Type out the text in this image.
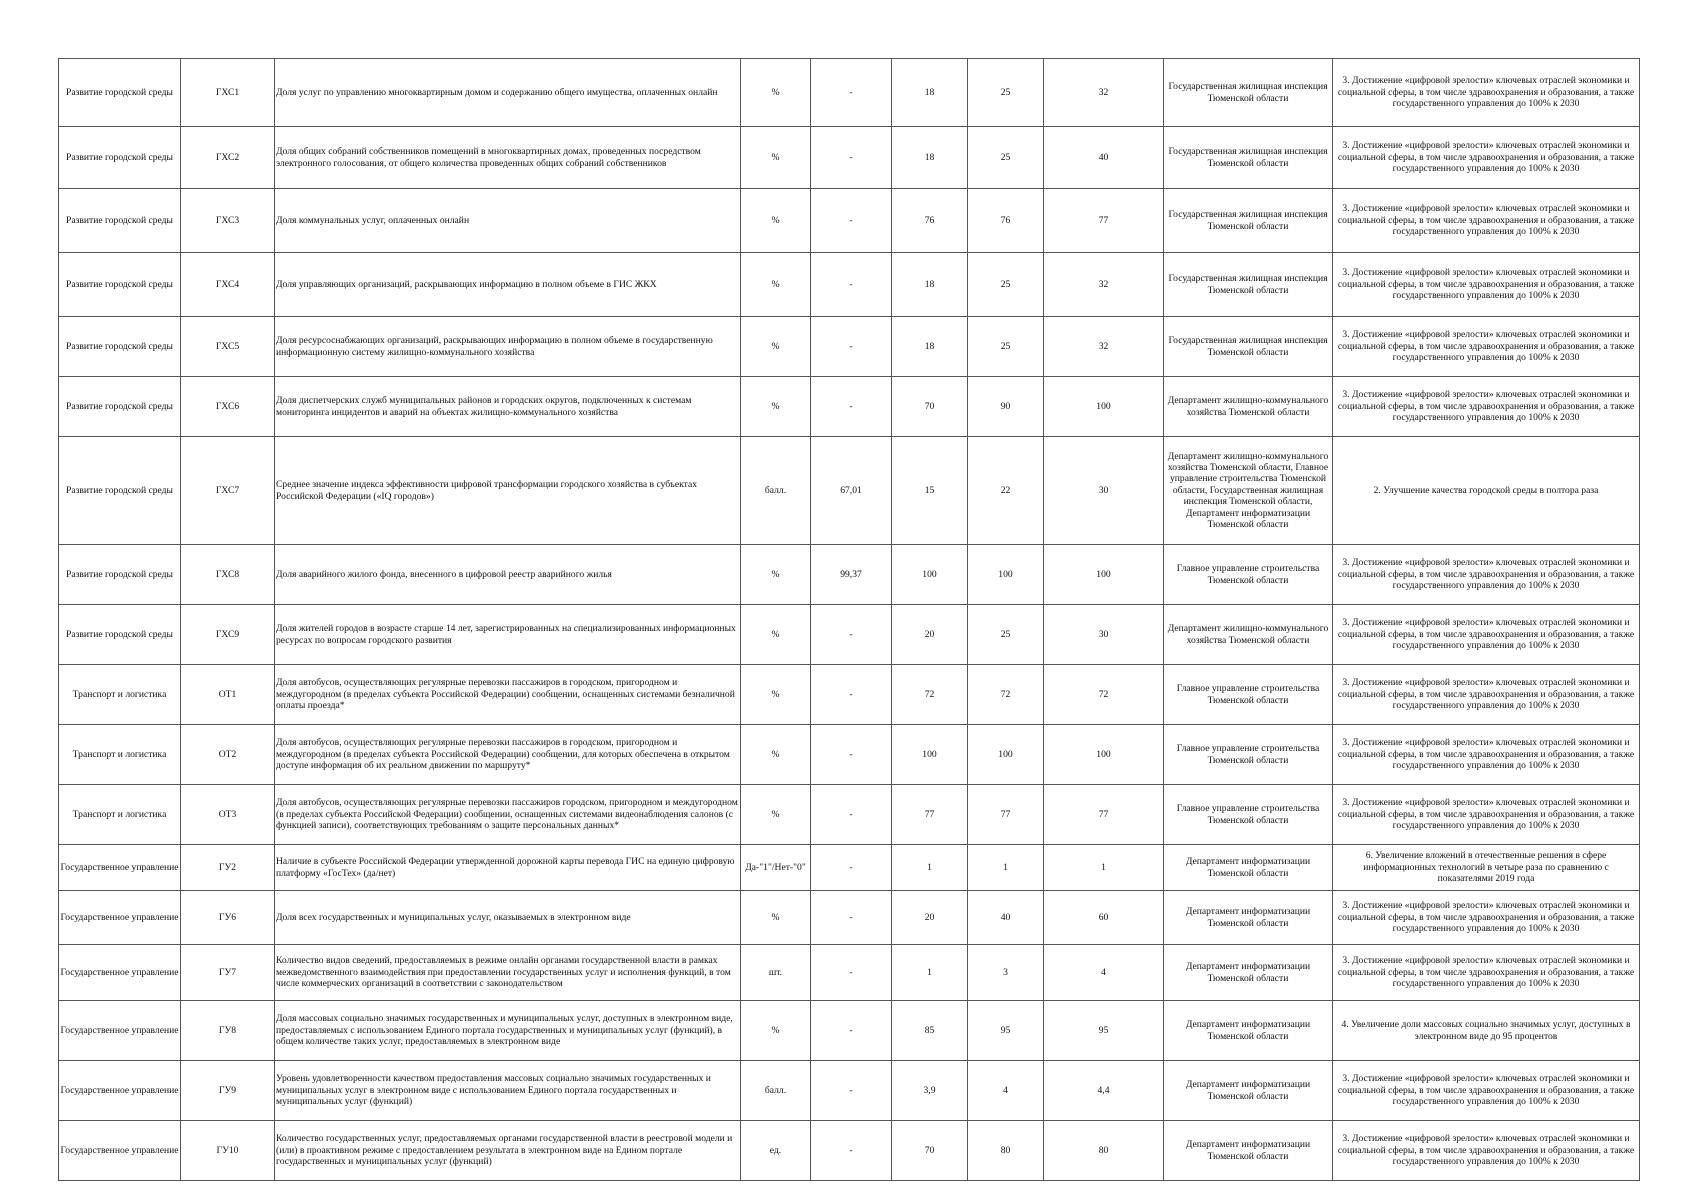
Развитие городской среды	ГХС1	Доля услуг по управлению многоквартирным домом и содержанию общего имущества, оплаченных онлайн	%	-	18	25	32	Государственная жилищная инспекция Тюменской области	3. Достижение «цифровой зрелости» ключевых отраслей экономики и социальной сферы, в том числе здравоохранения и образования, а также государственного управления до 100% к 2030
Развитие городской среды	ГХС2	Доля общих собраний собственников помещений в многоквартирных домах, проведенных посредством электронного голосования, от общего количества проведенных общих собраний собственников	%	-	18	25	40	Государственная жилищная инспекция Тюменской области	3. Достижение «цифровой зрелости» ключевых отраслей экономики и социальной сферы, в том числе здравоохранения и образования, а также государственного управления до 100% к 2030
Развитие городской среды	ГХС3	Доля коммунальных услуг, оплаченных онлайн	%	-	76	76	77	Государственная жилищная инспекция Тюменской области	3. Достижение «цифровой зрелости» ключевых отраслей экономики и социальной сферы, в том числе здравоохранения и образования, а также государственного управления до 100% к 2030
Развитие городской среды	ГХС4	Доля управляющих организаций, раскрывающих информацию в полном объеме в ГИС ЖКХ	%	-	18	25	32	Государственная жилищная инспекция Тюменской области	3. Достижение «цифровой зрелости» ключевых отраслей экономики и социальной сферы, в том числе здравоохранения и образования, а также государственного управления до 100% к 2030
Развитие городской среды	ГХС5	Доля ресурсоснабжающих организаций, раскрывающих информацию в полном объеме в государственную информационную систему жилищно-коммунального хозяйства	%	-	18	25	32	Государственная жилищная инспекция Тюменской области	3. Достижение «цифровой зрелости» ключевых отраслей экономики и социальной сферы, в том числе здравоохранения и образования, а также государственного управления до 100% к 2030
Развитие городской среды	ГХС6	Доля диспетчерских служб муниципальных районов и городских округов, подключенных к системам мониторинга инцидентов и аварий на объектах жилищно-коммунального хозяйства	%	-	70	90	100	Департамент жилищно-коммунального хозяйства Тюменской области	3. Достижение «цифровой зрелости» ключевых отраслей экономики и социальной сферы, в том числе здравоохранения и образования, а также государственного управления до 100% к 2030
Развитие городской среды	ГХС7	Среднее значение индекса эффективности цифровой трансформации городского хозяйства в субъектах Российской Федерации («IQ городов»)	балл.	67,01	15	22	30	Департамент жилищно-коммунального хозяйства Тюменской области, Главное управление строительства Тюменской области, Государственная жилищная инспекция Тюменской области, Департамент информатизации Тюменской области	2. Улучшение качества городской среды в полтора раза
Развитие городской среды	ГХС8	Доля аварийного жилого фонда, внесенного в цифровой реестр аварийного жилья	%	99,37	100	100	100	Главное управление строительства Тюменской области	3. Достижение «цифровой зрелости» ключевых отраслей экономики и социальной сферы, в том числе здравоохранения и образования, а также государственного управления до 100% к 2030
Развитие городской среды	ГХС9	Доля жителей городов в возрасте старше 14 лет, зарегистрированных на специализированных информационных ресурсах по вопросам городского развития	%	-	20	25	30	Департамент жилищно-коммунального хозяйства Тюменской области	3. Достижение «цифровой зрелости» ключевых отраслей экономики и социальной сферы, в том числе здравоохранения и образования, а также государственного управления до 100% к 2030
Транспорт и логистика	ОТ1	Доля автобусов, осуществляющих регулярные перевозки пассажиров в городском, пригородном и междугородном (в пределах субъекта Российской Федерации) сообщении, оснащенных системами безналичной оплаты проезда*	%	-	72	72	72	Главное управление строительства Тюменской области	3. Достижение «цифровой зрелости» ключевых отраслей экономики и социальной сферы, в том числе здравоохранения и образования, а также государственного управления до 100% к 2030
Транспорт и логистика	ОТ2	Доля автобусов, осуществляющих регулярные перевозки пассажиров в городском, пригородном и междугородном (в пределах субъекта Российской Федерации) сообщении, для которых обеспечена в открытом доступе информация об их реальном движении по маршруту*	%	-	100	100	100	Главное управление строительства Тюменской области	3. Достижение «цифровой зрелости» ключевых отраслей экономики и социальной сферы, в том числе здравоохранения и образования, а также государственного управления до 100% к 2030
Транспорт и логистика	ОТ3	Доля автобусов, осуществляющих регулярные перевозки пассажиров городском, пригородном и междугородном (в пределах субъекта Российской Федерации) сообщении, оснащенных системами видеонаблюдения салонов (с функцией записи), соответствующих требованиям о защите персональных данных*	%	-	77	77	77	Главное управление строительства Тюменской области	3. Достижение «цифровой зрелости» ключевых отраслей экономики и социальной сферы, в том числе здравоохранения и образования, а также государственного управления до 100% к 2030
Государственное управление	ГУ2	Наличие в субъекте Российской Федерации утвержденной дорожной карты перевода ГИС на единую цифровую платформу «ГосТех» (да/нет)	Да-"1"/Нет-"0"	-	1	1	1	Департамент информатизации Тюменской области	6. Увеличение вложений в отечественные решения в сфере информационных технологий в четыре раза по сравнению с показателями 2019 года
Государственное управление	ГУ6	Доля всех государственных и муниципальных услуг, оказываемых в электронном виде	%	-	20	40	60	Департамент информатизации Тюменской области	3. Достижение «цифровой зрелости» ключевых отраслей экономики и социальной сферы, в том числе здравоохранения и образования, а также государственного управления до 100% к 2030
Государственное управление	ГУ7	Количество видов сведений, предоставляемых в режиме онлайн органами государственной власти в рамках межведомственного взаимодействия при предоставлении государственных услуг и исполнения функций, в том числе коммерческих организаций в соответствии с законодательством	шт.	-	1	3	4	Департамент информатизации Тюменской области	3. Достижение «цифровой зрелости» ключевых отраслей экономики и социальной сферы, в том числе здравоохранения и образования, а также государственного управления до 100% к 2030
Государственное управление	ГУ8	Доля массовых социально значимых государственных и муниципальных услуг, доступных в электронном виде, предоставляемых с использованием Единого портала государственных и муниципальных услуг (функций), в общем количестве таких услуг, предоставляемых в электронном виде	%	-	85	95	95	Департамент информатизации Тюменской области	4. Увеличение доли массовых социально значимых услуг, доступных в электронном виде до 95 процентов
Государственное управление	ГУ9	Уровень удовлетворенности качеством предоставления массовых социально значимых государственных и муниципальных услуг в электронном виде с использованием Единого портала государственных и муниципальных услуг (функций)	балл.	-	3,9	4	4,4	Департамент информатизации Тюменской области	3. Достижение «цифровой зрелости» ключевых отраслей экономики и социальной сферы, в том числе здравоохранения и образования, а также государственного управления до 100% к 2030
Государственное управление	ГУ10	Количество государственных услуг, предоставляемых органами государственной власти в реестровой модели и (или) в проактивном режиме с предоставлением результата в электронном виде на Едином портале государственных и муниципальных услуг (функций)	ед.	-	70	80	80	Департамент информатизации Тюменской области	3. Достижение «цифровой зрелости» ключевых отраслей экономики и социальной сферы, в том числе здравоохранения и образования, а также государственного управления до 100% к 2030
